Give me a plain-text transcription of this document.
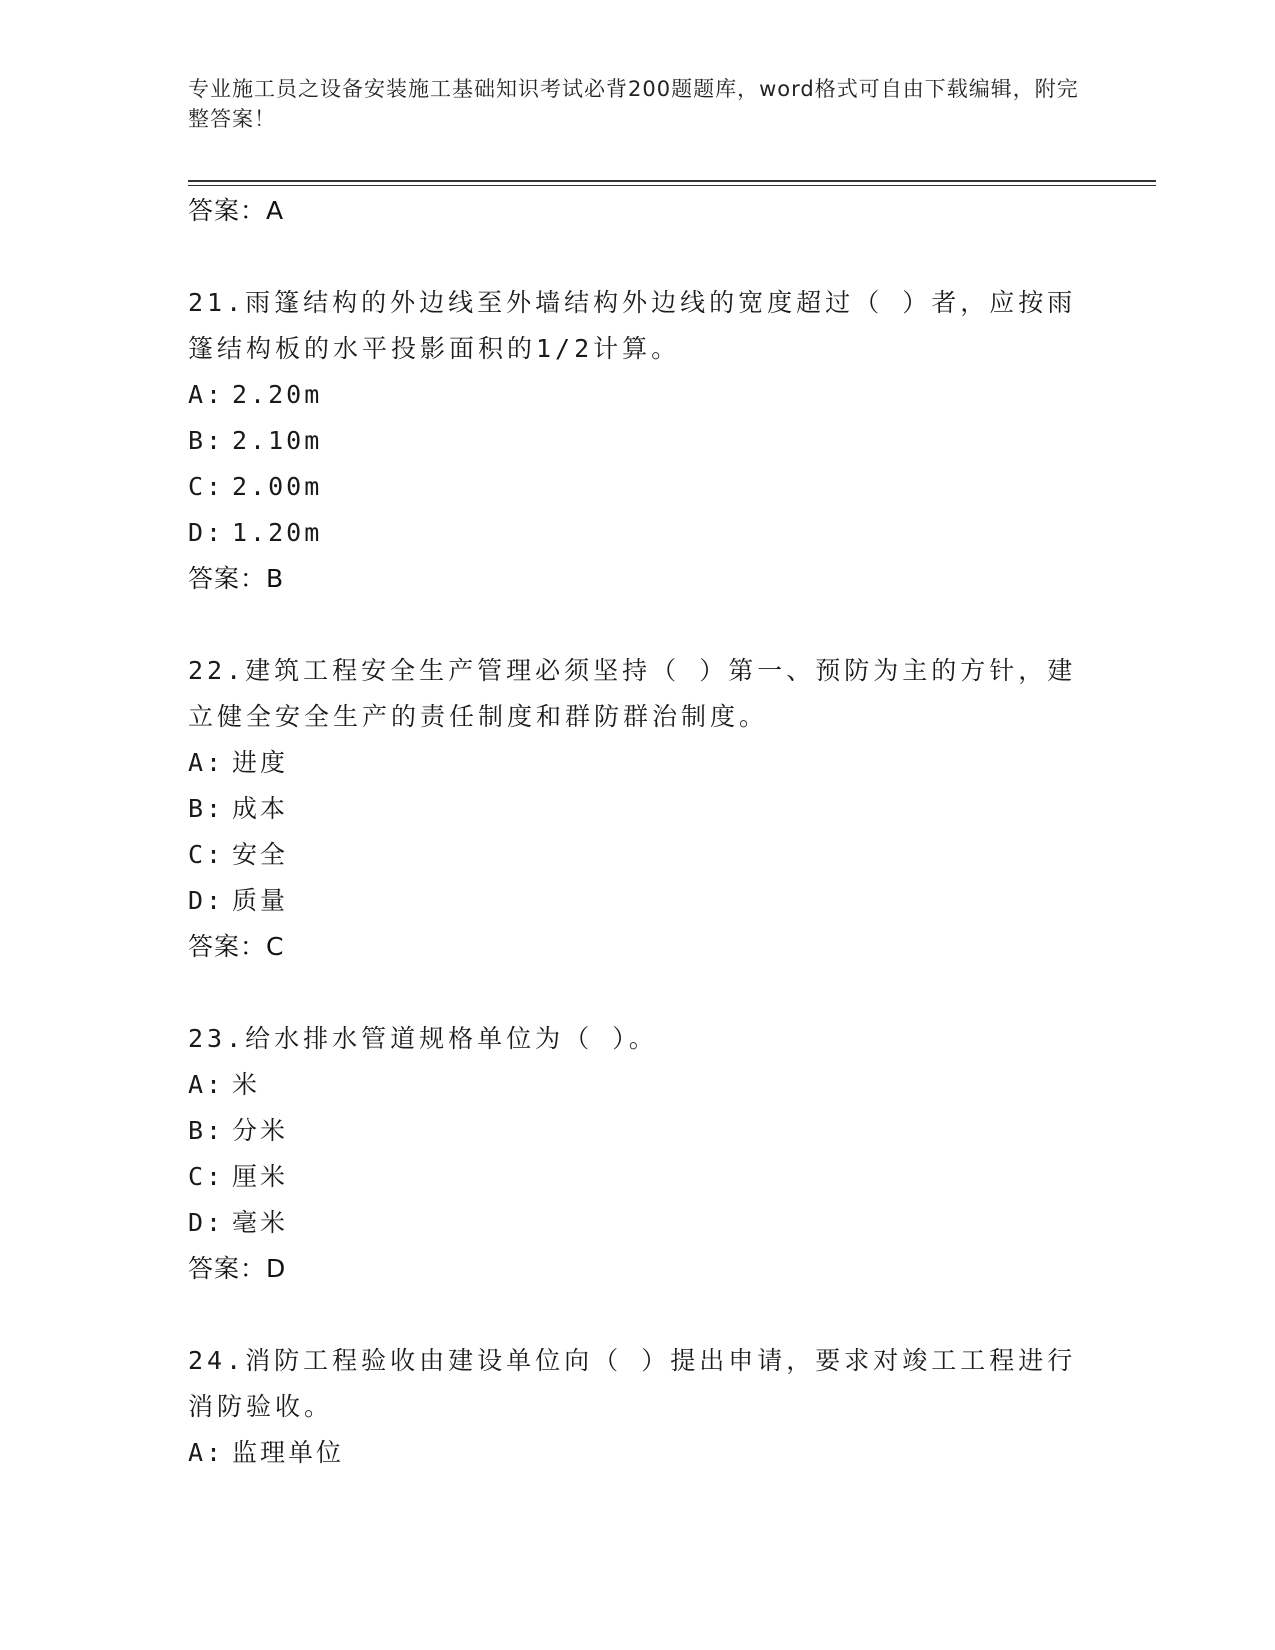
专业施工员之设备安装施工基础知识考试必背200题题库，word格式可自由下载编辑，附完整答案！
答案：A
21.雨篷结构的外边线至外墙结构外边线的宽度超过（ ）者，应按雨篷结构板的水平投影面积的1/2计算。
A: 2.20m
B: 2.10m
C: 2.00m
D: 1.20m
答案：B
22.建筑工程安全生产管理必须坚持（ ）第一、预防为主的方针，建立健全安全生产的责任制度和群防群治制度。
A: 进度
B: 成本
C: 安全
D: 质量
答案：C
23.给水排水管道规格单位为（ ）。
A: 米
B: 分米
C: 厘米
D: 毫米
答案：D
24.消防工程验收由建设单位向（ ）提出申请，要求对竣工工程进行消防验收。
A: 监理单位
